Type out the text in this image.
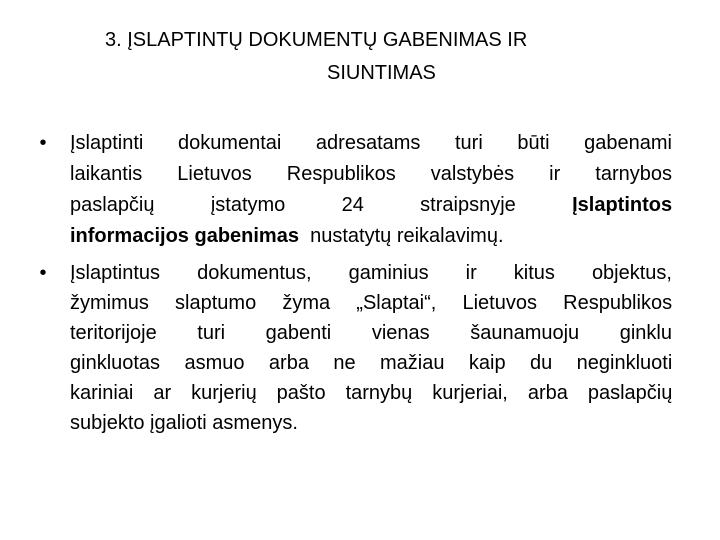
3. ĮSLAPTINTŲ DOKUMENTŲ GABENIMAS IR
SIUNTIMAS
• Įslaptinti dokumentai adresatams turi būti gabenami
laikantis Lietuvos Respublikos valstybės ir tarnybos
paslapčių	įstatymo	24 straipsnyje	Įslaptintos
informacijos gabenimas nustatytų reikalavimų.
• Įslaptintus dokumentus, gaminius ir kitus objektus,
žymimus slaptumo žyma „Slaptai“, Lietuvos Respublikos
teritorijoje turi gabenti vienas šaunamuoju ginklu
ginkluotas asmuo arba ne mažiau kaip du neginkluoti
kariniai ar kurjerių pašto tarnybų kurjeriai, arba paslapčių
subjekto įgalioti asmenys.
